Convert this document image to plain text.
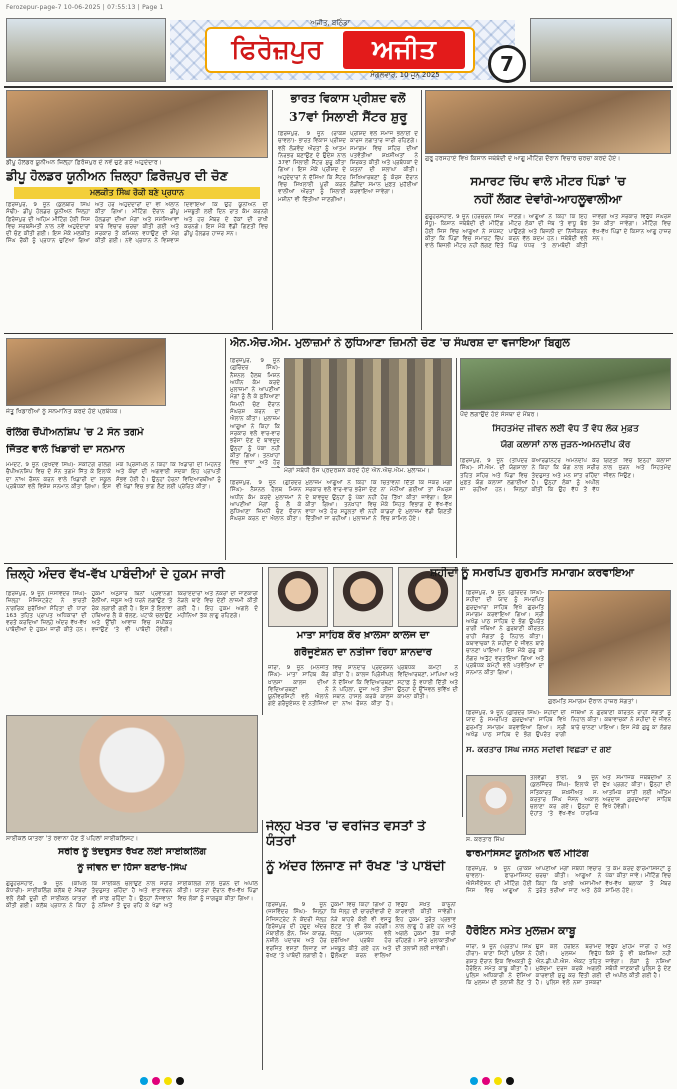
Ferozepur-page-7 10-06-2025 | 07:55:13 | Page 1
ਅਜੀਤ, ਬਠਿੰਡਾ
ਫਿਰੋਜ਼ਪੁਰ	ਅਜੀਤ
ਮੰਗਲਵਾਰ, 10 ਜੂਨ 2025	7
ਡੀਪੂ ਹੋਲਡਰ ਯੂਨੀਅਨ ਜ਼ਿਲ੍ਹਾ ਫ਼ਿਰੋਜ਼ਪੁਰ ਦੇ ਨਵੇਂ ਚੁਣੇ ਗਏ ਅਹੁਦੇਦਾਰ।
ਡੀਪੂ ਹੋਲਡਰ ਯੂਨੀਅਨ ਜ਼ਿਲ੍ਹਾ ਫ਼ਿਰੋਜ਼ਪੁਰ ਦੀ ਚੋਣ
ਮਲਕੀਤ ਸਿੰਘ ਰੌਕੀ ਬਣੇ ਪ੍ਰਧਾਨ
ਫ਼ਿਰੋਜ਼ਪੁਰ, 9 ਜੂਨ (ਕੁਲਬੀਰ ਸਿੰਘ ਸੋਢੀ)- ਡੀਪੂ ਹੋਲਡਰ ਯੂਨੀਅਨ ਜ਼ਿਲ੍ਹਾ ਫ਼ਿਰੋਜ਼ਪੁਰ ਦੀ ਅਹਿਮ ਮੀਟਿੰਗ ਹੋਈ ਜਿਸ ਵਿਚ ਸਰਬਸੰਮਤੀ ਨਾਲ ਨਵੇਂ ਅਹੁਦੇਦਾਰਾਂ ਦੀ ਚੋਣ ਕੀਤੀ ਗਈ। ਇਸ ਮੌਕੇ ਮਲਕੀਤ ਸਿੰਘ ਰੌਕੀ ਨੂੰ ਪ੍ਰਧਾਨ ਚੁਣਿਆ ਗਿਆ ਅਤੇ ਹੋਰ ਅਹੁਦੇਦਾਰਾਂ ਦਾ ਵੀ ਐਲਾਨ ਕੀਤਾ ਗਿਆ। ਮੀਟਿੰਗ ਦੌਰਾਨ ਡੀਪੂ ਹੋਲਡਰਾਂ ਦੀਆਂ ਮੰਗਾਂ ਅਤੇ ਸਮੱਸਿਆਵਾਂ ਬਾਰੇ ਵਿਚਾਰ ਚਰਚਾ ਕੀਤੀ ਗਈ ਅਤੇ ਸਰਕਾਰ ਤੋਂ ਕਮਿਸ਼ਨ ਵਧਾਉਣ ਦੀ ਮੰਗ ਕੀਤੀ ਗਈ। ਨਵੇਂ ਪ੍ਰਧਾਨ ਨੇ ਵਿਸ਼ਵਾਸ ਦਿਵਾਇਆ ਕਿ ਉਹ ਯੂਨੀਅਨ ਦੀ ਮਜ਼ਬੂਤੀ ਲਈ ਦਿਨ ਰਾਤ ਕੰਮ ਕਰਨਗੇ ਅਤੇ ਹਰ ਮੈਂਬਰ ਦੇ ਹੱਕਾਂ ਦੀ ਰਾਖੀ ਕਰਨਗੇ। ਇਸ ਮੌਕੇ ਵੱਡੀ ਗਿਣਤੀ ਵਿਚ ਡੀਪੂ ਹੋਲਡਰ ਹਾਜ਼ਰ ਸਨ।
ਭਾਰਤ ਵਿਕਾਸ ਪ੍ਰੀਸ਼ਦ ਵਲੋਂ
37ਵਾਂ ਸਿਲਾਈ ਸੈਂਟਰ ਸ਼ੁਰੂ
ਫ਼ਿਰੋਜ਼ਪੁਰ, 9 ਜੂਨ (ਰਾਕੇਸ਼ ਚਾਵਲਾ)- ਭਾਰਤ ਵਿਕਾਸ ਪ੍ਰੀਸ਼ਦ ਵਲੋਂ ਲੋੜਵੰਦ ਔਰਤਾਂ ਨੂੰ ਆਤਮ ਨਿਰਭਰ ਬਣਾਉਣ ਦੇ ਉਦੇਸ਼ ਨਾਲ 37ਵਾਂ ਸਿਲਾਈ ਸੈਂਟਰ ਸ਼ੁਰੂ ਕੀਤਾ ਗਿਆ। ਇਸ ਮੌਕੇ ਪ੍ਰੀਸ਼ਦ ਦੇ ਅਹੁਦੇਦਾਰਾਂ ਨੇ ਦੱਸਿਆ ਕਿ ਸੈਂਟਰ ਵਿਚ ਸਿਖਲਾਈ ਪੂਰੀ ਕਰਨ ਵਾਲੀਆਂ ਔਰਤਾਂ ਨੂੰ ਸਿਲਾਈ ਮਸ਼ੀਨਾਂ ਵੀ ਦਿੱਤੀਆਂ ਜਾਣਗੀਆਂ। ਪ੍ਰੀਸ਼ਦ ਵਲੋਂ ਸਮਾਜ ਭਲਾਈ ਦੇ ਕਾਰਜ ਲਗਾਤਾਰ ਜਾਰੀ ਰਹਿਣਗੇ। ਸਮਾਗਮ ਵਿਚ ਸ਼ਹਿਰ ਦੀਆਂ ਪਤਵੰਤੀਆਂ ਸ਼ਖ਼ਸੀਅਤਾਂ ਨੇ ਸ਼ਿਰਕਤ ਕੀਤੀ ਅਤੇ ਪ੍ਰਬੰਧਕਾਂ ਦੇ ਯਤਨਾਂ ਦੀ ਸ਼ਲਾਘਾ ਕੀਤੀ। ਸਿਖਿਆਰਥਣਾਂ ਨੂੰ ਕੋਰਸ ਦੌਰਾਨ ਲੋੜੀਂਦਾ ਸਮਾਨ ਮੁਫ਼ਤ ਮੁਹੱਈਆ ਕਰਵਾਇਆ ਜਾਵੇਗਾ।
ਗੁਰੂ ਹਰਸਹਾਏ ਵਿਖੇ ਕਿਸਾਨ ਜਥੇਬੰਦੀ ਦੇ ਆਗੂ ਮੀਟਿੰਗ ਦੌਰਾਨ ਵਿਚਾਰ ਚਰਚਾ ਕਰਦੇ ਹੋਏ।
ਸਮਾਰਟ ਚਿੱਪ ਵਾਲੇ ਮੀਟਰ ਪਿੰਡਾਂ 'ਚ
ਨਹੀਂ ਲੱਗਣ ਦੇਵਾਂਗੇ-ਆਹਲੂਵਾਲੀਆ
ਗੁਰੂਹਰਸਹਾਏ, 9 ਜੂਨ (ਹਰਚਰਨ ਸਿੰਘ ਸੰਧੂ)- ਕਿਸਾਨ ਜਥੇਬੰਦੀ ਦੀ ਮੀਟਿੰਗ ਹੋਈ ਜਿਸ ਵਿਚ ਆਗੂਆਂ ਨੇ ਸਪੱਸ਼ਟ ਕੀਤਾ ਕਿ ਪਿੰਡਾਂ ਵਿਚ ਸਮਾਰਟ ਚਿੱਪ ਵਾਲੇ ਬਿਜਲੀ ਮੀਟਰ ਨਹੀਂ ਲੱਗਣ ਦਿੱਤੇ ਜਾਣਗੇ। ਆਗੂਆਂ ਨੇ ਕਿਹਾ ਕਿ ਇਹ ਮੀਟਰ ਲੋਕਾਂ ਦੀ ਜੇਬ 'ਤੇ ਵਾਧੂ ਬੋਝ ਪਾਉਣਗੇ ਅਤੇ ਬਿਜਲੀ ਦਾ ਨਿੱਜੀਕਰਨ ਕਰਨ ਵੱਲ ਕਦਮ ਹਨ। ਜਥੇਬੰਦੀ ਵਲੋਂ ਪਿੰਡ ਪੱਧਰ 'ਤੇ ਲਾਮਬੰਦੀ ਕੀਤੀ ਜਾਵੇਗੀ ਅਤੇ ਸਰਕਾਰ ਵਿਰੁੱਧ ਸੰਘਰਸ਼ ਤੇਜ਼ ਕੀਤਾ ਜਾਵੇਗਾ। ਮੀਟਿੰਗ ਵਿਚ ਵੱਖ-ਵੱਖ ਪਿੰਡਾਂ ਦੇ ਕਿਸਾਨ ਆਗੂ ਹਾਜ਼ਰ ਸਨ।
ਜੇਤੂ ਖਿਡਾਰੀਆਂ ਨੂੰ ਸਨਮਾਨਿਤ ਕਰਦੇ ਹੋਏ ਪ੍ਰਬੰਧਕ।
ਰੋਲਿੰਗ ਚੈਂਪੀਅਨਸ਼ਿਪ 'ਚ 2 ਸੋਨ ਤਗਮੇ
ਜਿੱਤਣ ਵਾਲੇ ਖਿਡਾਰੀ ਦਾ ਸਨਮਾਨ
ਮਮਦੋਟ, 9 ਜੂਨ (ਸੁਖਦੇਵ ਸਿੰਘ)- ਸਕੇਟਿੰਗ ਰੋਲਿੰਗ ਚੈਂਪੀਅਨਸ਼ਿਪ ਵਿਚ ਦੋ ਸੋਨ ਤਗਮੇ ਜਿੱਤ ਕੇ ਇਲਾਕੇ ਦਾ ਨਾਂਅ ਰੌਸ਼ਨ ਕਰਨ ਵਾਲੇ ਖਿਡਾਰੀ ਦਾ ਸਕੂਲ ਪ੍ਰਬੰਧਕਾਂ ਵਲੋਂ ਵਿਸ਼ੇਸ਼ ਸਨਮਾਨ ਕੀਤਾ ਗਿਆ। ਇਸ ਮੌਕੇ ਪ੍ਰਿੰਸੀਪਲ ਨੇ ਕਿਹਾ ਕਿ ਖਿਡਾਰੀ ਦੀ ਮਿਹਨਤ ਅਤੇ ਕੋਚਾਂ ਦੀ ਅਗਵਾਈ ਸਦਕਾ ਇਹ ਪ੍ਰਾਪਤੀ ਸੰਭਵ ਹੋਈ ਹੈ। ਉਨ੍ਹਾਂ ਹੋਰਨਾਂ ਵਿਦਿਆਰਥੀਆਂ ਨੂੰ ਵੀ ਖੇਡਾਂ ਵਿਚ ਭਾਗ ਲੈਣ ਲਈ ਪ੍ਰੇਰਿਤ ਕੀਤਾ।
ਐਨ.ਐਚ.ਐਮ. ਮੁਲਾਜ਼ਮਾਂ ਨੇ ਲੁਧਿਆਣਾ ਜ਼ਿਮਨੀ ਚੋਣ 'ਚ ਸੰਘਰਸ਼ ਦਾ ਵਜਾਇਆ ਬਿਗੁਲ
ਫ਼ਿਰੋਜ਼ਪੁਰ, 9 ਜੂਨ (ਗੁਰਿੰਦਰ ਸਿੰਘ)- ਨੈਸ਼ਨਲ ਹੈਲਥ ਮਿਸ਼ਨ ਅਧੀਨ ਕੰਮ ਕਰਦੇ ਮੁਲਾਜ਼ਮਾਂ ਨੇ ਆਪਣੀਆਂ ਮੰਗਾਂ ਨੂੰ ਲੈ ਕੇ ਲੁਧਿਆਣਾ ਜ਼ਿਮਨੀ ਚੋਣ ਦੌਰਾਨ ਸੰਘਰਸ਼ ਕਰਨ ਦਾ ਐਲਾਨ ਕੀਤਾ। ਮੁਲਾਜ਼ਮ ਆਗੂਆਂ ਨੇ ਕਿਹਾ ਕਿ ਸਰਕਾਰ ਵਲੋਂ ਵਾਰ-ਵਾਰ ਭਰੋਸਾ ਦੇਣ ਦੇ ਬਾਵਜੂਦ ਉਨ੍ਹਾਂ ਨੂੰ ਪੱਕਾ ਨਹੀਂ ਕੀਤਾ ਗਿਆ। ਤਨਖ਼ਾਹਾਂ ਵਿਚ ਵਾਧਾ ਅਤੇ ਹੋਰ
ਮੰਗਾਂ ਸਬੰਧੀ ਰੋਸ ਪ੍ਰਦਰਸ਼ਨ ਕਰਦੇ ਹੋਏ ਐਨ.ਐਚ.ਐਮ. ਮੁਲਾਜ਼ਮ।
ਫ਼ਿਰੋਜ਼ਪੁਰ, 9 ਜੂਨ (ਗੁਰਿੰਦਰ ਸਿੰਘ)- ਨੈਸ਼ਨਲ ਹੈਲਥ ਮਿਸ਼ਨ ਅਧੀਨ ਕੰਮ ਕਰਦੇ ਮੁਲਾਜ਼ਮਾਂ ਨੇ ਆਪਣੀਆਂ ਮੰਗਾਂ ਨੂੰ ਲੈ ਕੇ ਲੁਧਿਆਣਾ ਜ਼ਿਮਨੀ ਚੋਣ ਦੌਰਾਨ ਸੰਘਰਸ਼ ਕਰਨ ਦਾ ਐਲਾਨ ਕੀਤਾ। ਮੁਲਾਜ਼ਮ ਆਗੂਆਂ ਨੇ ਕਿਹਾ ਕਿ ਸਰਕਾਰ ਵਲੋਂ ਵਾਰ-ਵਾਰ ਭਰੋਸਾ ਦੇਣ ਦੇ ਬਾਵਜੂਦ ਉਨ੍ਹਾਂ ਨੂੰ ਪੱਕਾ ਨਹੀਂ ਕੀਤਾ ਗਿਆ। ਤਨਖ਼ਾਹਾਂ ਵਿਚ ਵਾਧਾ ਅਤੇ ਹੋਰ ਸਹੂਲਤਾਂ ਵੀ ਨਹੀਂ ਦਿੱਤੀਆਂ ਜਾ ਰਹੀਆਂ। ਮੁਲਾਜ਼ਮਾਂ ਨੇ ਚਿਤਾਵਨੀ ਦਿੱਤੀ ਕਿ ਜੇਕਰ ਮੰਗਾਂ ਨਾ ਮੰਨੀਆਂ ਗਈਆਂ ਤਾਂ ਸੰਘਰਸ਼ ਹੋਰ ਤਿੱਖਾ ਕੀਤਾ ਜਾਵੇਗਾ। ਇਸ ਮੌਕੇ ਸਿਹਤ ਵਿਭਾਗ ਦੇ ਵੱਖ-ਵੱਖ ਕਾਡਰਾਂ ਦੇ ਮੁਲਾਜ਼ਮ ਵੱਡੀ ਗਿਣਤੀ ਵਿਚ ਸ਼ਾਮਿਲ ਹੋਏ।
ਪੌਦੇ ਲਗਾਉਂਦੇ ਹੋਏ ਸੰਸਥਾ ਦੇ ਮੈਂਬਰ।
ਸਿਹਤਮੰਦ ਜੀਵਨ ਲਈ ਵੱਧ ਤੋਂ ਵੱਧ ਲੋਕ ਮੁਫ਼ਤ
ਯੋਗ ਕਲਾਸਾਂ ਨਾਲ ਜੁੜਨ-ਅਮਨਦੀਪ ਕੌਰ
ਫ਼ਿਰੋਜ਼ਪੁਰ, 9 ਜੂਨ (ਤਪਿੰਦਰ ਸਿੰਘ)- ਸੀ.ਐਮ. ਦੀ ਯੋਗਸ਼ਾਲਾ ਤਹਿਤ ਸ਼ਹਿਰ ਅਤੇ ਪਿੰਡਾਂ ਵਿਚ ਮੁਫ਼ਤ ਯੋਗ ਕਲਾਸਾਂ ਲਗਾਈਆਂ ਜਾ ਰਹੀਆਂ ਹਨ। ਜ਼ਿਲ੍ਹਾ ਕੋਆਰਡੀਨੇਟਰ ਅਮਨਦੀਪ ਕੌਰ ਨੇ ਕਿਹਾ ਕਿ ਯੋਗ ਨਾਲ ਸਰੀਰ ਤੰਦਰੁਸਤ ਅਤੇ ਮਨ ਸ਼ਾਂਤ ਰਹਿੰਦਾ ਹੈ। ਉਨ੍ਹਾਂ ਲੋਕਾਂ ਨੂੰ ਅਪੀਲ ਕੀਤੀ ਕਿ ਉਹ ਵੱਧ ਤੋਂ ਵੱਧ ਗਿਣਤੀ ਵਿਚ ਇਨ੍ਹਾਂ ਕਲਾਸਾਂ ਨਾਲ ਜੁੜਨ ਅਤੇ ਸਿਹਤਮੰਦ ਜੀਵਨ ਜਿਉਣ।
ਜ਼ਿਲ੍ਹੇ ਅੰਦਰ ਵੱਖ-ਵੱਖ ਪਾਬੰਦੀਆਂ ਦੇ ਹੁਕਮ ਜਾਰੀ
ਫ਼ਿਰੋਜ਼ਪੁਰ, 9 ਜੂਨ (ਜਸਵਿੰਦਰ ਸਿੰਘ)- ਜ਼ਿਲ੍ਹਾ ਮੈਜਿਸਟ੍ਰੇਟ ਨੇ ਭਾਰਤੀ ਨਾਗਰਿਕ ਸੁਰੱਖਿਆ ਸੰਹਿਤਾ ਦੀ ਧਾਰਾ 163 ਤਹਿਤ ਪ੍ਰਾਪਤ ਅਧਿਕਾਰਾਂ ਦੀ ਵਰਤੋਂ ਕਰਦਿਆਂ ਜ਼ਿਲ੍ਹੇ ਅੰਦਰ ਵੱਖ-ਵੱਖ ਪਾਬੰਦੀਆਂ ਦੇ ਹੁਕਮ ਜਾਰੀ ਕੀਤੇ ਹਨ। ਹੁਕਮਾਂ ਅਨੁਸਾਰ ਬਿਨਾਂ ਪ੍ਰਵਾਨਗੀ ਰੈਲੀਆਂ, ਜਲੂਸ ਅਤੇ ਧਰਨੇ ਲਗਾਉਣ 'ਤੇ ਰੋਕ ਲਗਾਈ ਗਈ ਹੈ। ਇਸ ਤੋਂ ਇਲਾਵਾ ਹਥਿਆਰ ਲੈ ਕੇ ਚੱਲਣ, ਪਟਾਕੇ ਚਲਾਉਣ ਅਤੇ ਉੱਚੀ ਆਵਾਜ਼ ਵਿਚ ਸਪੀਕਰ ਵਜਾਉਣ 'ਤੇ ਵੀ ਪਾਬੰਦੀ ਹੋਵੇਗੀ। ਕਿਰਾਏਦਾਰਾਂ ਅਤੇ ਨੌਕਰਾਂ ਦੀ ਜਾਣਕਾਰੀ ਨੇੜਲੇ ਥਾਣੇ ਵਿਚ ਦੇਣੀ ਲਾਜ਼ਮੀ ਕੀਤੀ ਗਈ ਹੈ। ਇਹ ਹੁਕਮ ਅਗਲੇ ਦੋ ਮਹੀਨਿਆਂ ਤੱਕ ਲਾਗੂ ਰਹਿਣਗੇ।
ਮਾਤਾ ਸਾਹਿਬ ਕੌਰ ਖ਼ਾਲਸਾ ਕਾਲਜ ਦਾ
ਗਰੈਜੂਏਸ਼ਨ ਦਾ ਨਤੀਜਾ ਰਿਹਾ ਸ਼ਾਨਦਾਰ
ਜ਼ੀਰਾ, 9 ਜੂਨ (ਮਨਜੀਤ ਸਿੰਘ)- ਮਾਤਾ ਸਾਹਿਬ ਕੌਰ ਖ਼ਾਲਸਾ ਕਾਲਜ ਦੀਆਂ ਵਿਦਿਆਰਥਣਾਂ ਨੇ ਯੂਨੀਵਰਸਿਟੀ ਵਲੋਂ ਐਲਾਨੇ ਗਏ ਗਰੈਜੂਏਸ਼ਨ ਦੇ ਨਤੀਜਿਆਂ ਵਿਚ ਸ਼ਾਨਦਾਰ ਪ੍ਰਦਰਸ਼ਨ ਕੀਤਾ ਹੈ। ਕਾਲਜ ਪ੍ਰਿੰਸੀਪਲ ਨੇ ਦੱਸਿਆ ਕਿ ਵਿਦਿਆਰਥਣਾਂ ਨੇ ਪਹਿਲਾ, ਦੂਜਾ ਅਤੇ ਤੀਜਾ ਸਥਾਨ ਹਾਸਲ ਕਰਕੇ ਕਾਲਜ ਦਾ ਨਾਂਅ ਰੌਸ਼ਨ ਕੀਤਾ ਹੈ। ਪ੍ਰਬੰਧਕ ਕਮੇਟੀ ਨੇ ਵਿਦਿਆਰਥਣਾਂ, ਮਾਪਿਆਂ ਅਤੇ ਸਟਾਫ਼ ਨੂੰ ਵਧਾਈ ਦਿੱਤੀ ਅਤੇ ਉਨ੍ਹਾਂ ਦੇ ਉੱਜਵਲ ਭਵਿੱਖ ਦੀ ਕਾਮਨਾ ਕੀਤੀ।
ਸ਼ਹੀਦਾਂ ਨੂੰ ਸਮਰਪਿਤ ਗੁਰਮਤਿ ਸਮਾਗਮ ਕਰਵਾਇਆ
ਫ਼ਿਰੋਜ਼ਪੁਰ, 9 ਜੂਨ (ਗੁਰਿੰਦਰ ਸਿੰਘ)- ਸ਼ਹੀਦਾਂ ਦੀ ਯਾਦ ਨੂੰ ਸਮਰਪਿਤ ਗੁਰਦੁਆਰਾ ਸਾਹਿਬ ਵਿਖੇ ਗੁਰਮਤਿ ਸਮਾਗਮ ਕਰਵਾਇਆ ਗਿਆ। ਸ੍ਰੀ ਅਖੰਡ ਪਾਠ ਸਾਹਿਬ ਦੇ ਭੋਗ ਉਪਰੰਤ ਰਾਗੀ ਜਥਿਆਂ ਨੇ ਗੁਰਬਾਣੀ ਕੀਰਤਨ ਰਾਹੀਂ ਸੰਗਤਾਂ ਨੂੰ ਨਿਹਾਲ ਕੀਤਾ। ਕਥਾਵਾਚਕਾਂ ਨੇ ਸ਼ਹੀਦਾਂ ਦੇ ਜੀਵਨ ਬਾਰੇ ਚਾਨਣਾ ਪਾਇਆ। ਇਸ ਮੌਕੇ ਗੁਰੂ ਕਾ ਲੰਗਰ ਅਤੁੱਟ ਵਰਤਾਇਆ ਗਿਆ ਅਤੇ ਪ੍ਰਬੰਧਕ ਕਮੇਟੀ ਵਲੋਂ ਪਤਵੰਤਿਆਂ ਦਾ ਸਨਮਾਨ ਕੀਤਾ ਗਿਆ।
ਗੁਰਮਤਿ ਸਮਾਗਮ ਦੌਰਾਨ ਹਾਜ਼ਰ ਸੰਗਤਾਂ।
ਫ਼ਿਰੋਜ਼ਪੁਰ, 9 ਜੂਨ (ਗੁਰਿੰਦਰ ਸਿੰਘ)- ਸ਼ਹੀਦਾਂ ਦੀ ਯਾਦ ਨੂੰ ਸਮਰਪਿਤ ਗੁਰਦੁਆਰਾ ਸਾਹਿਬ ਵਿਖੇ ਗੁਰਮਤਿ ਸਮਾਗਮ ਕਰਵਾਇਆ ਗਿਆ। ਸ੍ਰੀ ਅਖੰਡ ਪਾਠ ਸਾਹਿਬ ਦੇ ਭੋਗ ਉਪਰੰਤ ਰਾਗੀ ਜਥਿਆਂ ਨੇ ਗੁਰਬਾਣੀ ਕੀਰਤਨ ਰਾਹੀਂ ਸੰਗਤਾਂ ਨੂੰ ਨਿਹਾਲ ਕੀਤਾ। ਕਥਾਵਾਚਕਾਂ ਨੇ ਸ਼ਹੀਦਾਂ ਦੇ ਜੀਵਨ ਬਾਰੇ ਚਾਨਣਾ ਪਾਇਆ। ਇਸ ਮੌਕੇ ਗੁਰੂ ਕਾ ਲੰਗਰ
ਸਾਈਕਲ ਯਾਤਰਾ 'ਤੇ ਰਵਾਨਾ ਹੋਣ ਤੋਂ ਪਹਿਲਾਂ ਸਾਈਕਲਿਸਟ।
ਸਰੀਰ ਨੂੰ ਤੰਦਰੁਸਤ ਰੱਖਣ ਲਈ ਸਾਈਕਲਿੰਗ
ਨੂੰ ਜੀਵਨ ਦਾ ਹਿੱਸਾ ਬਣਾਓ-ਸਿੰਘ
ਗੁਰੂਹਰਸਹਾਏ, 9 ਜੂਨ (ਕਪਿਲ ਕੰਧਾਰੀ)- ਸਾਈਕਲਿੰਗ ਕਲੱਬ ਦੇ ਮੈਂਬਰਾਂ ਵਲੋਂ ਲੰਬੀ ਦੂਰੀ ਦੀ ਸਾਈਕਲ ਯਾਤਰਾ ਕੀਤੀ ਗਈ। ਕਲੱਬ ਪ੍ਰਧਾਨ ਨੇ ਕਿਹਾ ਕਿ ਸਾਈਕਲ ਚਲਾਉਣ ਨਾਲ ਸਰੀਰ ਤੰਦਰੁਸਤ ਰਹਿੰਦਾ ਹੈ ਅਤੇ ਵਾਤਾਵਰਨ ਵੀ ਸਾਫ਼ ਰਹਿੰਦਾ ਹੈ। ਉਨ੍ਹਾਂ ਨੌਜਵਾਨਾਂ ਨੂੰ ਨਸ਼ਿਆਂ ਤੋਂ ਦੂਰ ਰਹਿ ਕੇ ਖੇਡਾਂ ਅਤੇ ਸਾਈਕਲਿੰਗ ਨਾਲ ਜੁੜਨ ਦੀ ਅਪੀਲ ਕੀਤੀ। ਯਾਤਰਾ ਦੌਰਾਨ ਵੱਖ-ਵੱਖ ਪਿੰਡਾਂ ਵਿਚ ਲੋਕਾਂ ਨੂੰ ਜਾਗਰੂਕ ਕੀਤਾ ਗਿਆ।
ਜੇਲ੍ਹ ਖੇਤਰ 'ਚ ਵਰਜਿਤ ਵਸਤਾਂ ਤੇ ਯੰਤਰਾਂ
ਨੂੰ ਅੰਦਰ ਲਿਜਾਣ ਜਾਂ ਰੱਖਣ 'ਤੇ ਪਾਬੰਦੀ
ਫ਼ਿਰੋਜ਼ਪੁਰ, 9 ਜੂਨ (ਜਸਵਿੰਦਰ ਸਿੰਘ)- ਜ਼ਿਲ੍ਹਾ ਮੈਜਿਸਟ੍ਰੇਟ ਨੇ ਕੇਂਦਰੀ ਜੇਲ੍ਹ ਫ਼ਿਰੋਜ਼ਪੁਰ ਦੀ ਹਦੂਦ ਅੰਦਰ ਮੋਬਾਈਲ ਫ਼ੋਨ, ਸਿਮ ਕਾਰਡ, ਨਸ਼ੀਲੇ ਪਦਾਰਥ ਅਤੇ ਹੋਰ ਵਰਜਿਤ ਵਸਤਾਂ ਲਿਜਾਣ ਜਾਂ ਰੱਖਣ 'ਤੇ ਪਾਬੰਦੀ ਲਗਾਈ ਹੈ। ਹੁਕਮਾਂ ਵਿਚ ਕਿਹਾ ਗਿਆ ਹੈ ਕਿ ਜੇਲ੍ਹ ਦੀ ਚਾਰਦੀਵਾਰੀ ਦੇ ਨੇੜੇ ਬਾਹਰੋਂ ਕੋਈ ਵੀ ਵਸਤੂ ਸੁੱਟਣ 'ਤੇ ਵੀ ਰੋਕ ਰਹੇਗੀ। ਜੇਲ੍ਹ ਪ੍ਰਸ਼ਾਸਨ ਵਲੋਂ ਸੁਰੱਖਿਆ ਪ੍ਰਬੰਧ ਹੋਰ ਮਜ਼ਬੂਤ ਕੀਤੇ ਗਏ ਹਨ ਅਤੇ ਉਲੰਘਣਾ ਕਰਨ ਵਾਲਿਆਂ ਵਿਰੁੱਧ ਸਖ਼ਤ ਕਾਨੂੰਨੀ ਕਾਰਵਾਈ ਕੀਤੀ ਜਾਵੇਗੀ। ਇਹ ਹੁਕਮ ਤੁਰੰਤ ਪ੍ਰਭਾਵ ਨਾਲ ਲਾਗੂ ਹੋ ਗਏ ਹਨ ਅਤੇ ਅਗਲੇ ਹੁਕਮਾਂ ਤੱਕ ਜਾਰੀ ਰਹਿਣਗੇ। ਸਾਰੇ ਮੁਲਾਕਾਤੀਆਂ ਦੀ ਤਲਾਸ਼ੀ ਲਈ ਜਾਵੇਗੀ।
ਸ. ਕਰਤਾਰ ਸਿੰਘ ਜੋਸਨ ਸਦੀਵੀ ਵਿਛੋੜਾ ਦੇ ਗਏ
ਸ. ਕਰਤਾਰ ਸਿੰਘ
ਤਲਵੰਡੀ ਭਾਈ, 9 ਜੂਨ (ਕੁਲਜਿੰਦਰ ਸਿੰਘ)- ਇਲਾਕੇ ਦੀ ਸਤਿਕਾਰਤ ਸ਼ਖ਼ਸੀਅਤ ਸ. ਕਰਤਾਰ ਸਿੰਘ ਜੋਸਨ ਅਕਾਲ ਚਲਾਣਾ ਕਰ ਗਏ। ਉਨ੍ਹਾਂ ਦੇ ਦੇਹਾਂਤ 'ਤੇ ਵੱਖ-ਵੱਖ ਧਾਰਮਿਕ ਅਤੇ ਸਮਾਜਿਕ ਜਥੇਬੰਦੀਆਂ ਨੇ ਦੁੱਖ ਪ੍ਰਗਟ ਕੀਤਾ। ਉਨ੍ਹਾਂ ਦੀ ਆਤਮਿਕ ਸ਼ਾਂਤੀ ਲਈ ਅੰਤਿਮ ਅਰਦਾਸ ਗੁਰਦੁਆਰਾ ਸਾਹਿਬ ਵਿਖੇ ਹੋਵੇਗੀ।
ਫਾਰਮਾਸਿਸਟ ਯੂਨੀਅਨ ਵਲੋਂ ਮੀਟਿੰਗ
ਫ਼ਿਰੋਜ਼ਪੁਰ, 9 ਜੂਨ (ਰਾਕੇਸ਼ ਚਾਵਲਾ)- ਫਾਰਮਾਸਿਸਟ ਐਸੋਸੀਏਸ਼ਨ ਦੀ ਮੀਟਿੰਗ ਹੋਈ ਜਿਸ ਵਿਚ ਆਗੂਆਂ ਨੇ ਆਪਣੀਆਂ ਮੰਗਾਂ ਸਬੰਧੀ ਵਿਚਾਰ ਚਰਚਾ ਕੀਤੀ। ਆਗੂਆਂ ਨੇ ਕਿਹਾ ਕਿ ਖ਼ਾਲੀ ਅਸਾਮੀਆਂ ਤੁਰੰਤ ਭਰੀਆਂ ਜਾਣ ਅਤੇ ਠੇਕੇ 'ਤੇ ਕੰਮ ਕਰਦੇ ਫਾਰਮਾਸਿਸਟਾਂ ਨੂੰ ਪੱਕਾ ਕੀਤਾ ਜਾਵੇ। ਮੀਟਿੰਗ ਵਿਚ ਵੱਖ-ਵੱਖ ਬਲਾਕਾਂ ਤੋਂ ਮੈਂਬਰ ਸ਼ਾਮਿਲ ਹੋਏ।
ਹੈਰੋਇਨ ਸਮੇਤ ਮੁਲਜ਼ਮ ਕਾਬੂ
ਜ਼ੀਰਾ, 9 ਜੂਨ (ਪ੍ਰਤਾਪ ਸਿੰਘ ਹੀਰਾ)- ਥਾਣਾ ਸਿਟੀ ਪੁਲਿਸ ਨੇ ਗਸ਼ਤ ਦੌਰਾਨ ਇਕ ਵਿਅਕਤੀ ਨੂੰ ਹੈਰੋਇਨ ਸਮੇਤ ਕਾਬੂ ਕੀਤਾ ਹੈ। ਪੁਲਿਸ ਅਧਿਕਾਰੀ ਨੇ ਦੱਸਿਆ ਕਿ ਮੁਲਜ਼ਮ ਦੀ ਤਲਾਸ਼ੀ ਲੈਣ 'ਤੇ ਉਸ ਕੋਲੋਂ ਹੈਰੋਇਨ ਬਰਾਮਦ ਹੋਈ। ਮੁਲਜ਼ਮ ਵਿਰੁੱਧ ਐਨ.ਡੀ.ਪੀ.ਐਸ. ਐਕਟ ਤਹਿਤ ਮੁਕੱਦਮਾ ਦਰਜ ਕਰਕੇ ਅਗਲੀ ਕਾਰਵਾਈ ਸ਼ੁਰੂ ਕਰ ਦਿੱਤੀ ਗਈ ਹੈ। ਪੁਲਿਸ ਵਲੋਂ ਨਸ਼ਾ ਤਸਕਰਾਂ ਵਿਰੁੱਧ ਮੁਹਿੰਮ ਜਾਰੀ ਹੈ ਅਤੇ ਕਿਸੇ ਨੂੰ ਵੀ ਬਖ਼ਸ਼ਿਆ ਨਹੀਂ ਜਾਵੇਗਾ। ਲੋਕਾਂ ਨੂੰ ਨਸ਼ਿਆਂ ਸਬੰਧੀ ਜਾਣਕਾਰੀ ਪੁਲਿਸ ਨੂੰ ਦੇਣ ਦੀ ਅਪੀਲ ਕੀਤੀ ਗਈ ਹੈ।
